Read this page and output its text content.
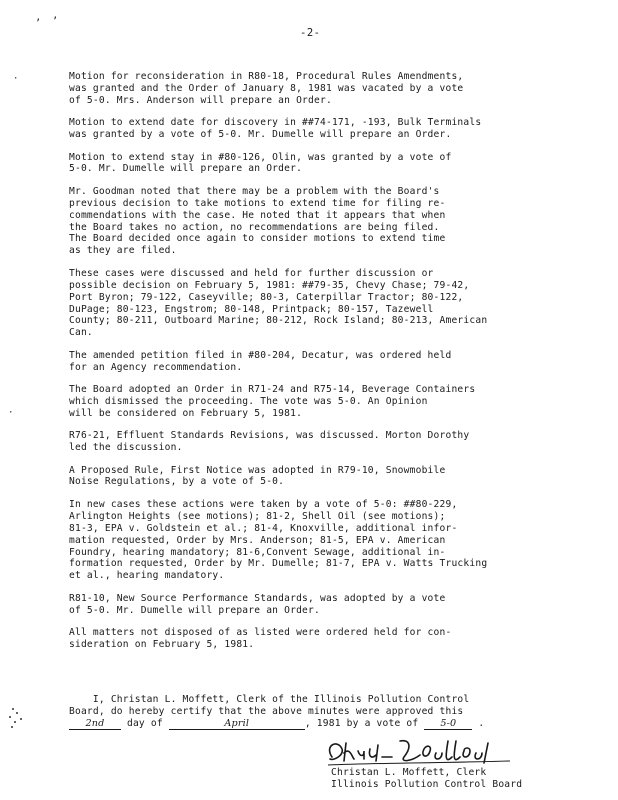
’ ’
·
·
-2-

Motion for reconsideration in R80-18, Procedural Rules Amendments,
was granted and the Order of January 8, 1981 was vacated by a vote
of 5-0. Mrs. Anderson will prepare an Order.

Motion to extend date for discovery in ##74-171, -193, Bulk Terminals
was granted by a vote of 5-0. Mr. Dumelle will prepare an Order.

Motion to extend stay in #80-126, Olin, was granted by a vote of
5-0. Mr. Dumelle will prepare an Order.

Mr. Goodman noted that there may be a problem with the Board's
previous decision to take motions to extend time for filing re-
commendations with the case. He noted that it appears that when
the Board takes no action, no recommendations are being filed.
The Board decided once again to consider motions to extend time
as they are filed.

These cases were discussed and held for further discussion or
possible decision on February 5, 1981: ##79-35, Chevy Chase; 79-42,
Port Byron; 79-122, Caseyville; 80-3, Caterpillar Tractor; 80-122,
DuPage; 80-123, Engstrom; 80-148, Printpack; 80-157, Tazewell
County; 80-211, Outboard Marine; 80-212, Rock Island; 80-213, American
Can.

The amended petition filed in #80-204, Decatur, was ordered held
for an Agency recommendation.

The Board adopted an Order in R71-24 and R75-14, Beverage Containers
which dismissed the proceeding. The vote was 5-0. An Opinion
will be considered on February 5, 1981.

R76-21, Effluent Standards Revisions, was discussed. Morton Dorothy
led the discussion.

A Proposed Rule, First Notice was adopted in R79-10, Snowmobile
Noise Regulations, by a vote of 5-0.

In new cases these actions were taken by a vote of 5-0: ##80-229,
Arlington Heights (see motions); 81-2, Shell Oil (see motions);
81-3, EPA v. Goldstein et al.; 81-4, Knoxville, additional infor-
mation requested, Order by Mrs. Anderson; 81-5, EPA v. American
Foundry, hearing mandatory; 81-6,Convent Sewage, additional in-
formation requested, Order by Mr. Dumelle; 81-7, EPA v. Watts Trucking
et al., hearing mandatory.

R81-10, New Source Performance Standards, was adopted by a vote
of 5-0. Mr. Dumelle will prepare an Order.

All matters not disposed of as listed were ordered held for con-
sideration on February 5, 1981.

I, Christan L. Moffett, Clerk of the Illinois Pollution Control
Board, do hereby certify that the above minutes were approved this
2nd day of	April	, 1981 by a vote of 5-0 .
Christan L. Moffett, Clerk
Illinois Pollution Control Board
